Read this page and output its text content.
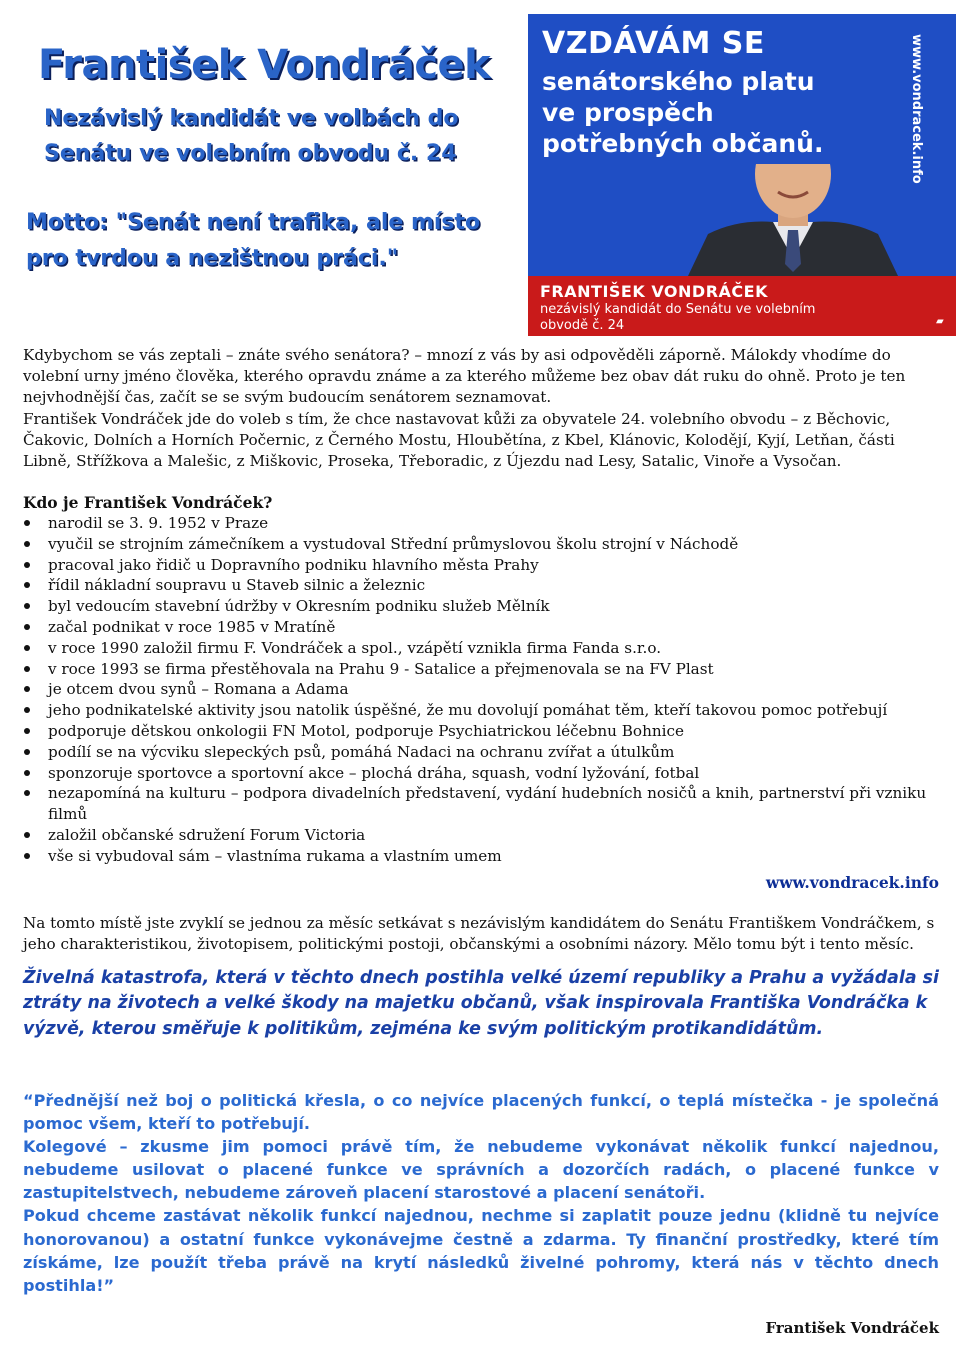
František Vondráček
Nezávislý kandidát ve volbách do Senátu ve volebním obvodu č. 24
Motto: "Senát není trafika, ale místo pro tvrdou a nezištnou práci."
VZDÁVÁM SE
senátorského platu ve prospěch potřebných občanů.
FRANTIŠEK VONDRÁČEK
nezávislý kandidát do Senátu ve volebním obvodě č. 24
www.vondracek.info
▰
Kdybychom se vás zeptali – znáte svého senátora? – mnozí z vás by asi odpověděli záporně. Málokdy vhodíme do volební urny jméno člověka, kterého opravdu známe a za kterého můžeme bez obav dát ruku do ohně. Proto je ten nejvhodnější čas, začít se se svým budoucím senátorem seznamovat.
František Vondráček jde do voleb s tím, že chce nastavovat kůži za obyvatele 24. volebního obvodu – z Běchovic, Čakovic, Dolních a Horních Počernic, z Černého Mostu, Hloubětína, z Kbel, Klánovic, Kolodějí, Kyjí, Letňan, části Libně, Střížkova a Malešic, z Miškovic, Proseka, Třeboradic, z Újezdu nad Lesy, Satalic, Vinoře a Vysočan.
Kdo je František Vondráček?
narodil se 3. 9. 1952 v Praze
vyučil se strojním zámečníkem a vystudoval Střední průmyslovou školu strojní v Náchodě
pracoval jako řidič u Dopravního podniku hlavního města Prahy
řídil nákladní soupravu u Staveb silnic a železnic
byl vedoucím stavební údržby v Okresním podniku služeb Mělník
začal podnikat v roce 1985 v Mratíně
v roce 1990 založil firmu F. Vondráček a spol., vzápětí vznikla firma Fanda s.r.o.
v roce 1993 se firma přestěhovala na Prahu 9 - Satalice a přejmenovala se na FV Plast
je otcem dvou synů – Romana a Adama
jeho podnikatelské aktivity jsou natolik úspěšné, že mu dovolují pomáhat těm, kteří takovou pomoc potřebují
podporuje dětskou onkologii FN Motol, podporuje Psychiatrickou léčebnu Bohnice
podílí se na výcviku slepeckých psů, pomáhá Nadaci na ochranu zvířat a útulkům
sponzoruje sportovce a sportovní akce – plochá dráha, squash, vodní lyžování, fotbal
nezapomíná na kulturu – podpora divadelních představení, vydání hudebních nosičů a knih, partnerství při vzniku filmů
založil občanské sdružení Forum Victoria
vše si vybudoval sám – vlastníma rukama a vlastním umem
www.vondracek.info
Na tomto místě jste zvyklí se jednou za měsíc setkávat s nezávislým kandidátem do Senátu Františkem Vondráčkem, s jeho charakteristikou, životopisem, politickými postoji, občanskými a osobními názory. Mělo tomu být i tento měsíc.
Živelná katastrofa, která v těchto dnech postihla velké území republiky a Prahu a vyžádala si ztráty na životech a velké škody na majetku občanů, však inspirovala Františka Vondráčka k výzvě, kterou směřuje k politikům, zejména ke svým politickým protikandidátům.

“Přednější než boj o politická křesla, o co nejvíce placených funkcí, o teplá místečka - je společná pomoc všem, kteří to potřebují.

Kolegové – zkusme jim pomoci právě tím, že nebudeme vykonávat několik funkcí najednou, nebudeme usilovat o placené funkce ve správních a dozorčích radách, o placené funkce v zastupitelstvech, nebudeme zároveň placení starostové a placení senátoři.

Pokud chceme zastávat několik funkcí najednou, nechme si zaplatit pouze jednu (klidně tu nejvíce honorovanou) a ostatní funkce vykonávejme čestně a zdarma. Ty finanční prostředky, které tím získáme, lze použít třeba právě na krytí následků živelné pohromy, která nás v těchto dnech postihla!”

František Vondráček
